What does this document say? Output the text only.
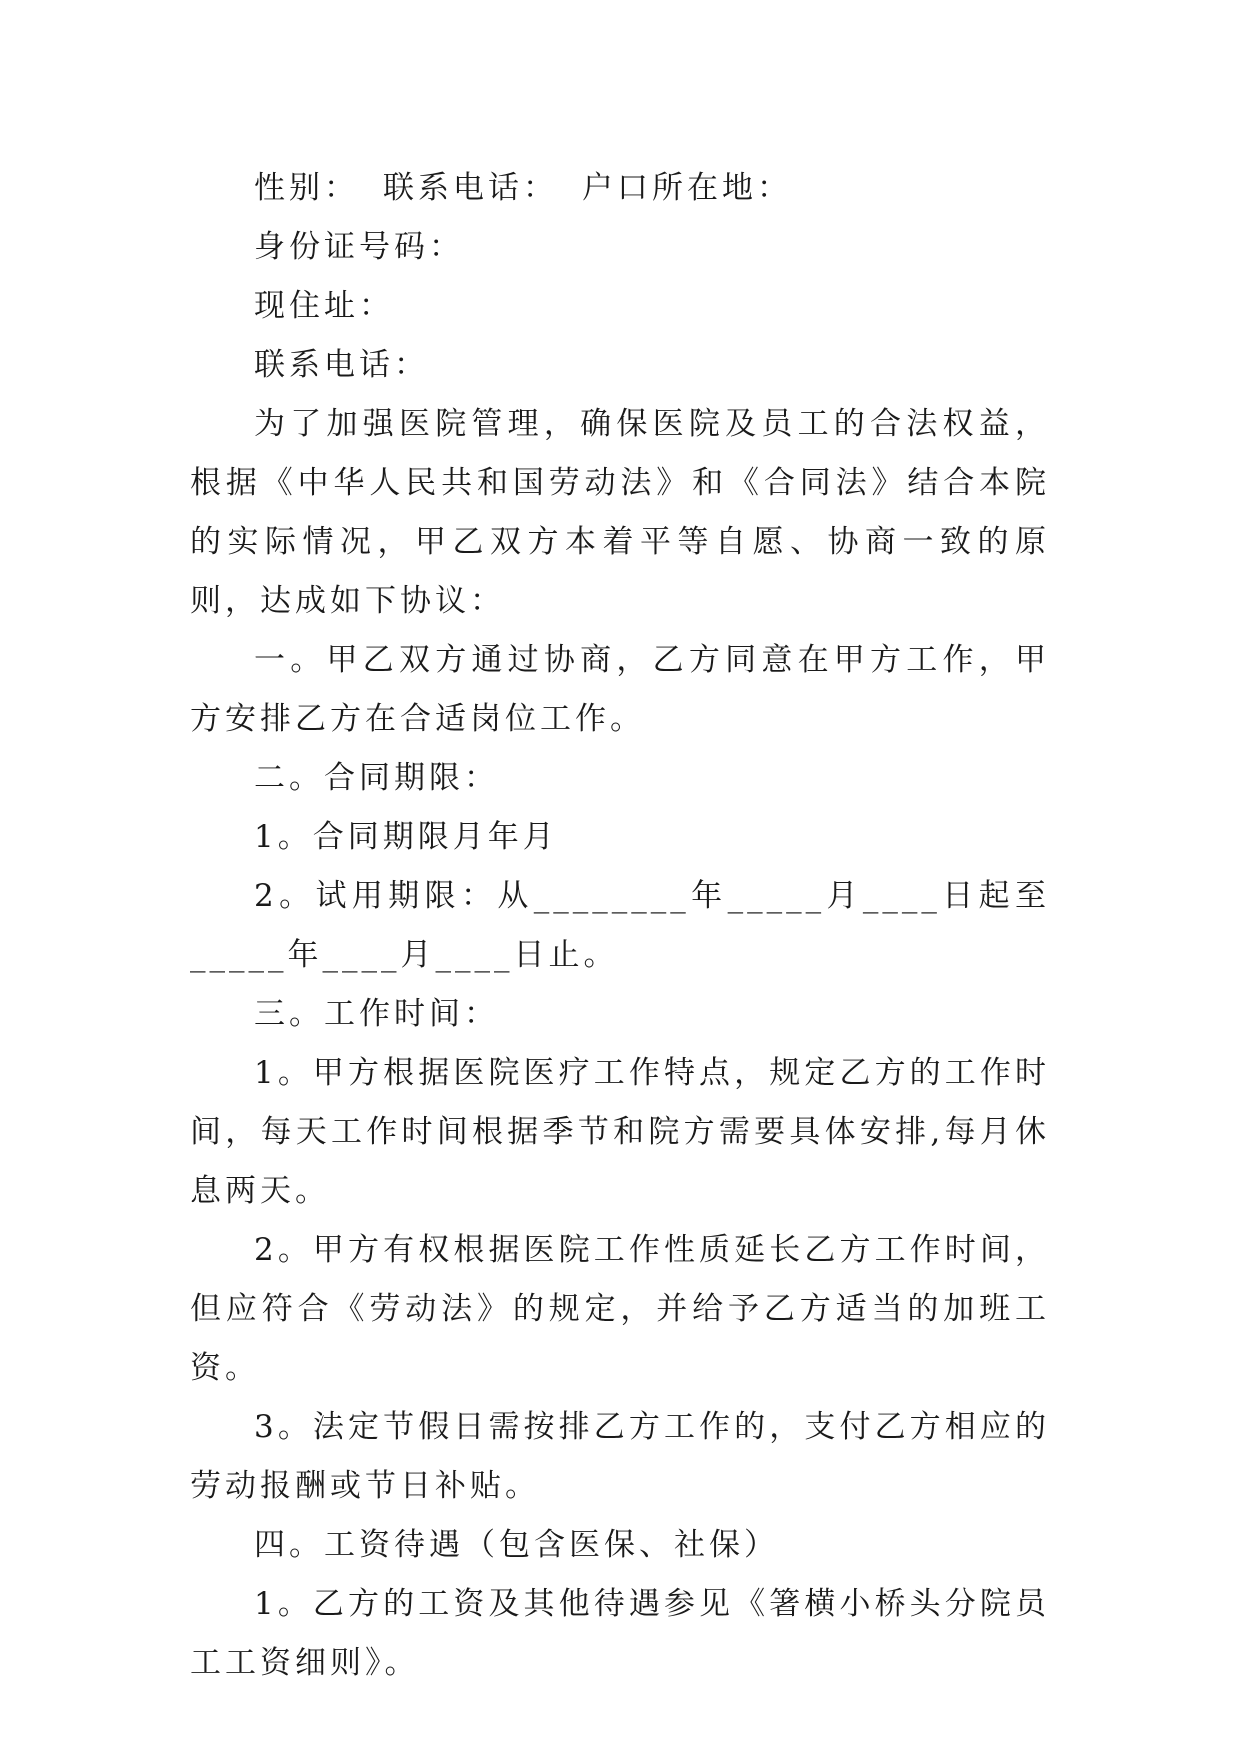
性别： 联系电话： 户口所在地：

身份证号码：

现住址：

联系电话：

为了加强医院管理，确保医院及员工的合法权益，根据《中华人民共和国劳动法》和《合同法》结合本院的实际情况，甲乙双方本着平等自愿、协商一致的原则，达成如下协议：

一。甲乙双方通过协商，乙方同意在甲方工作，甲方安排乙方在合适岗位工作。

二。合同期限：

1。合同期限月年月

2。试用期限：从________年_____月____日起至_____年____月____日止。

三。工作时间：

1。甲方根据医院医疗工作特点，规定乙方的工作时间，每天工作时间根据季节和院方需要具体安排,每月休息两天。

2。甲方有权根据医院工作性质延长乙方工作时间，但应符合《劳动法》的规定，并给予乙方适当的加班工资。

3。法定节假日需按排乙方工作的，支付乙方相应的劳动报酬或节日补贴。

四。工资待遇（包含医保、社保）

1。乙方的工资及其他待遇参见《箸横小桥头分院员工工资细则》。
